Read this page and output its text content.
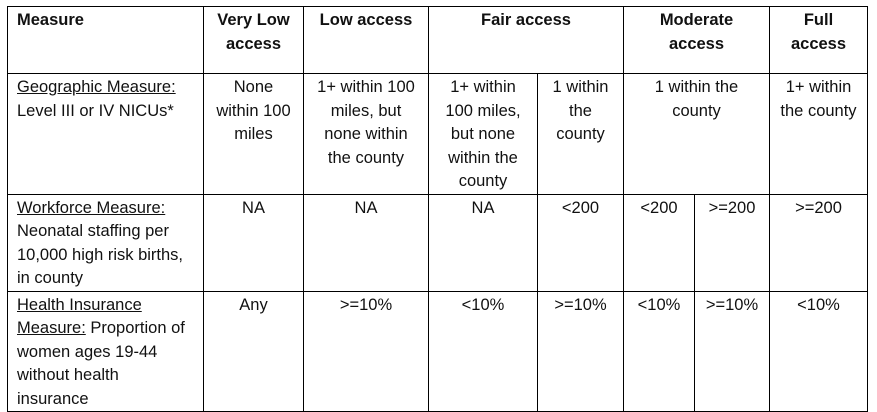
Measure	Very Low access	Low access	Fair access		Moderate access		Full access
Geographic Measure: Level III or IV NICUs*	None within 100 miles	1+ within 100 miles, but none within the county	1+ within 100 miles, but none within the county	1 within the county	1 within the county		1+ within the county
Workforce Measure: Neonatal staffing per 10,000 high risk births, in county	NA	NA	NA	<200	<200	>=200	>=200
Health Insurance Measure: Proportion of women ages 19-44 without health insurance	Any	>=10%	<10%	>=10%	<10%	>=10%	<10%
